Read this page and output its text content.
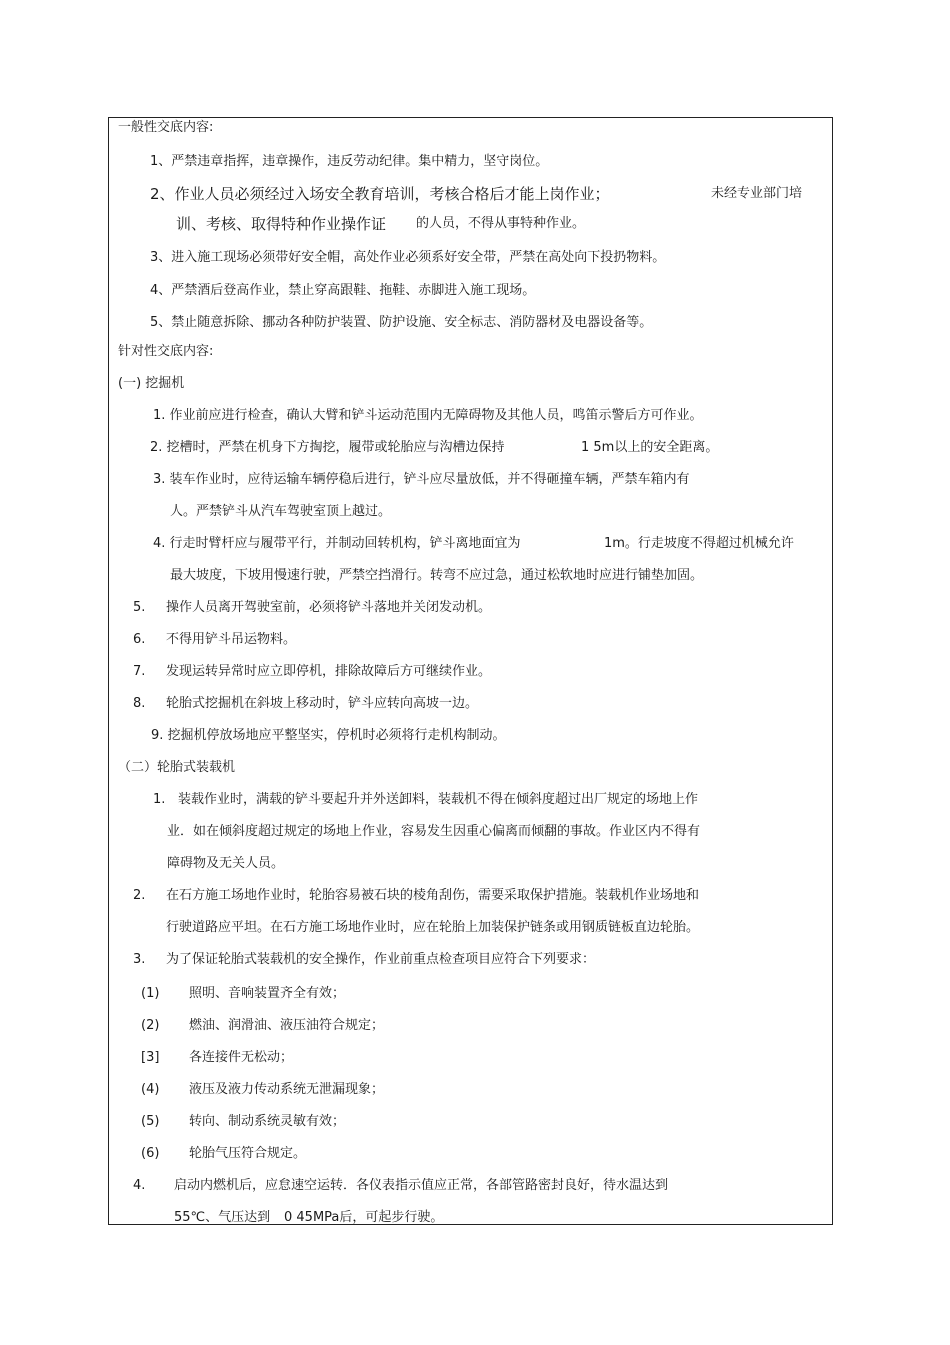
一般性交底内容:
1、严禁违章指挥，违章操作，违反劳动纪律。集中精力，坚守岗位。
2、作业人员必须经过入场安全教育培训，考核合格后才能上岗作业；	未经专业部门培
训、考核、取得特种作业操作证 的人员，不得从事特种作业。
3、进入施工现场必须带好安全帽，高处作业必须系好安全带，严禁在高处向下投扔物料。
4、严禁酒后登高作业，禁止穿高跟鞋、拖鞋、赤脚进入施工现场。
5、禁止随意拆除、挪动各种防护装置、防护设施、安全标志、消防器材及电器设备等。
针对性交底内容:
(一) 挖掘机
1. 作业前应进行检查，确认大臂和铲斗运动范围内无障碍物及其他人员，鸣笛示警后方可作业。
2. 挖槽时，严禁在机身下方掏挖，履带或轮胎应与沟槽边保持	1 5m以上的安全距离。
3. 装车作业时，应待运输车辆停稳后进行，铲斗应尽量放低，并不得砸撞车辆，严禁车箱内有
人。严禁铲斗从汽车驾驶室顶上越过。
4. 行走时臂杆应与履带平行，并制动回转机构，铲斗离地面宜为	1m。行走坡度不得超过机械允许
最大坡度，下坡用慢速行驶，严禁空挡滑行。转弯不应过急，通过松软地时应进行铺垫加固。
5. 操作人员离开驾驶室前，必须将铲斗落地并关闭发动机。
6. 不得用铲斗吊运物料。
7. 发现运转异常时应立即停机，排除故障后方可继续作业。
8. 轮胎式挖掘机在斜坡上移动时，铲斗应转向高坡一边。
9. 挖掘机停放场地应平整坚实，停机时必须将行走机构制动。
（二）轮胎式装载机
1. 装载作业时，满载的铲斗要起升并外送卸料，装载机不得在倾斜度超过出厂规定的场地上作
业．如在倾斜度超过规定的场地上作业，容易发生因重心偏离而倾翻的事故。作业区内不得有
障碍物及无关人员。
2. 在石方施工场地作业时，轮胎容易被石块的棱角刮伤，需要采取保护措施。装载机作业场地和
行驶道路应平坦。在石方施工场地作业时，应在轮胎上加装保护链条或用钢质链板直边轮胎。
3. 为了保证轮胎式装载机的安全操作，作业前重点检查项目应符合下列要求：
(1) 照明、音响装置齐全有效；
(2) 燃油、润滑油、液压油符合规定；
[3] 各连接件无松动；
(4) 液压及液力传动系统无泄漏现象；
(5) 转向、制动系统灵敏有效；
(6) 轮胎气压符合规定。
4. 启动内燃机后，应怠速空运转．各仪表指示值应正常，各部管路密封良好，待水温达到
55℃、气压达到 0 45MPa后，可起步行驶。
